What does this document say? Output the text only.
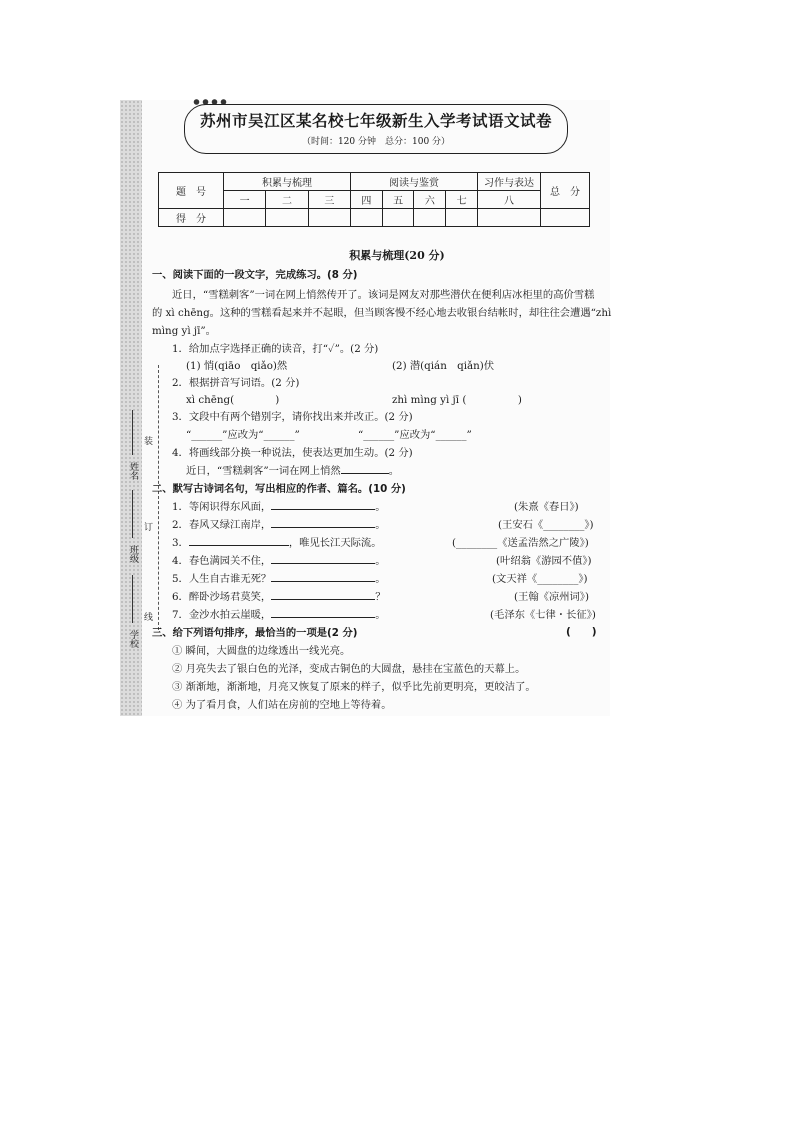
装
订
线
姓名
班级
学校
苏州市吴江区某名校七年级新生入学考试语文试卷
（时间：120 分钟　总分：100 分）
题　号	积累与梳理			阅读与鉴赏				习作与表达	总　分
	一	二	三	四	五	六	七	八	
得　分									
积累与梳理(20 分)
一、阅读下面的一段文字，完成练习。(8 分)
近日，“雪糕刺客”一词在网上悄然传开了。该词是网友对那些潜伏在便利店冰柜里的高价雪糕
的 xì chēng。这种的雪糕看起来并不起眼，但当顾客慢不经心地去收银台结帐时，却往往会遭遇“zhì
mìng yì jī”。
1．给加点字选择正确的读音，打“✓”。(2 分)
(1) 悄(qiāo　qiǎo)然	(2) 潜(qián　qiǎn)伏
2．根据拼音写词语。(2 分)
xì chēng(　　　　)	zhì mìng yì jī (　　　　　)
3．文段中有两个错别字，请你找出来并改正。(2 分)
“______”应改为“______”	“______”应改为“______”
4．将画线部分换一种说法，使表达更加生动。(2 分)
近日，“雪糕刺客”一词在网上悄然	。
二、默写古诗词名句，写出相应的作者、篇名。(10 分)
1．等闲识得东风面，	。	(朱熹《春日》)
2．春风又绿江南岸，	。	(王安石《________》)
3．	，唯见长江天际流。	(________《送孟浩然之广陵》)
4．春色满园关不住，	。	(叶绍翁《游园不值》)
5．人生自古谁无死？	。	(文天祥《________》)
6．醉卧沙场君莫笑，	？	(王翰《凉州词》)
7．金沙水拍云崖暖，	。	(毛泽东《七律・长征》)
三、给下列语句排序，最恰当的一项是(2 分)	(　　)
① 瞬间，大圆盘的边缘透出一线光亮。
② 月亮失去了银白色的光泽，变成古铜色的大圆盘，悬挂在宝蓝色的天幕上。
③ 渐渐地，渐渐地，月亮又恢复了原来的样子，似乎比先前更明亮，更皎洁了。
④ 为了看月食，人们站在房前的空地上等待着。
